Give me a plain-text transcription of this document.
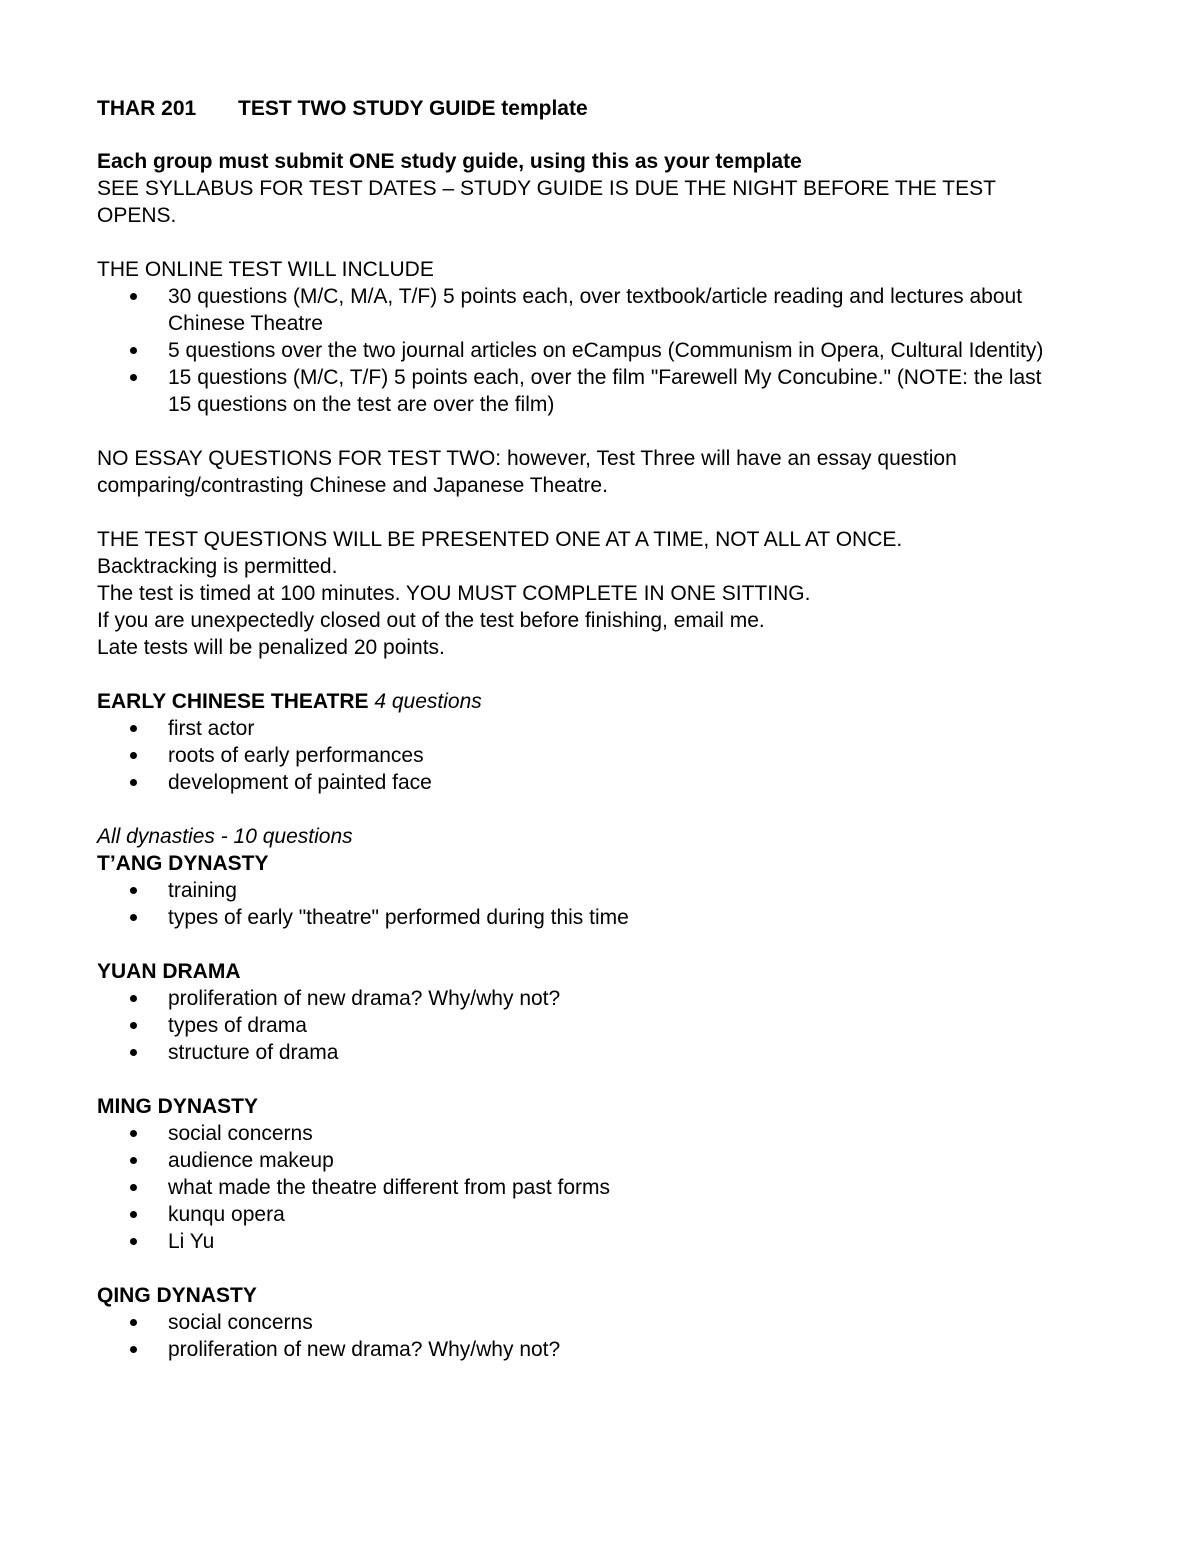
THAR 201	TEST TWO STUDY GUIDE template
Each group must submit ONE study guide, using this as your template
SEE SYLLABUS FOR TEST DATES – STUDY GUIDE IS DUE THE NIGHT BEFORE THE TEST OPENS.
THE ONLINE TEST WILL INCLUDE
30 questions (M/C, M/A, T/F) 5 points each, over textbook/article reading and lectures about Chinese Theatre
5 questions over the two journal articles on eCampus (Communism in Opera, Cultural Identity)
15 questions (M/C, T/F) 5 points each, over the film "Farewell My Concubine." (NOTE: the last 15 questions on the test are over the film)
NO ESSAY QUESTIONS FOR TEST TWO: however, Test Three will have an essay question comparing/contrasting Chinese and Japanese Theatre.
THE TEST QUESTIONS WILL BE PRESENTED ONE AT A TIME, NOT ALL AT ONCE.
Backtracking is permitted.
The test is timed at 100 minutes. YOU MUST COMPLETE IN ONE SITTING.
If you are unexpectedly closed out of the test before finishing, email me.
Late tests will be penalized 20 points.
EARLY CHINESE THEATRE 4 questions
first actor
roots of early performances
development of painted face
All dynasties - 10 questions
T’ANG DYNASTY
training
types of early "theatre" performed during this time
YUAN DRAMA
proliferation of new drama? Why/why not?
types of drama
structure of drama
MING DYNASTY
social concerns
audience makeup
what made the theatre different from past forms
kunqu opera
Li Yu
QING DYNASTY
social concerns
proliferation of new drama? Why/why not?
